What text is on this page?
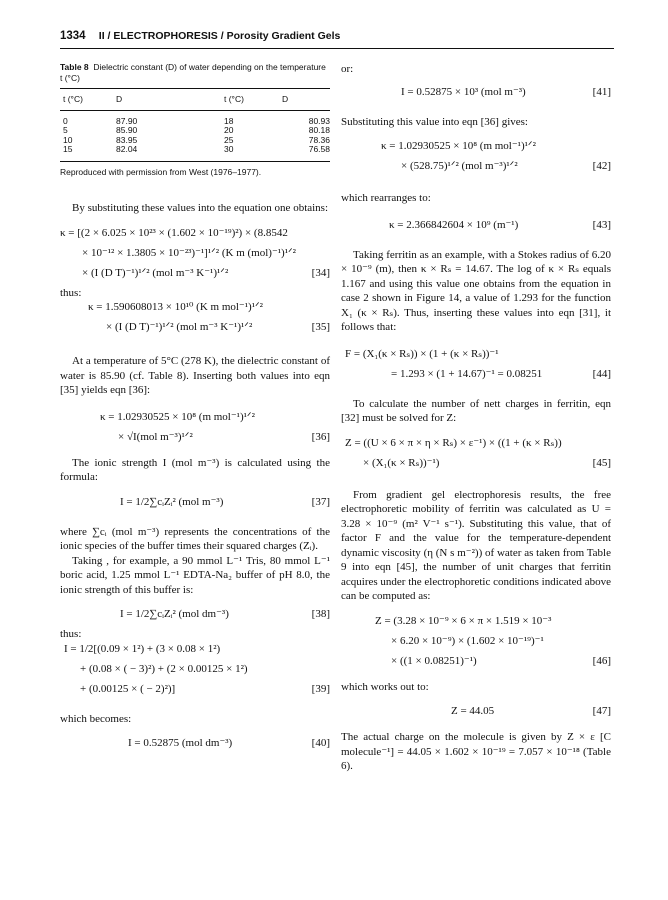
1334 II / ELECTROPHORESIS / Porosity Gradient Gels
Table 8 Dielectric constant (D) of water depending on the temperature t (°C)
t (°C)	D	t (°C)	D
0	87.90	18	80.93
5	85.90	20	80.18
10	83.95	25	78.36
15	82.04	30	76.58
Reproduced with permission from West (1976–1977).

By substituting these values into the equation one obtains:

κ = [(2 × 6.025 × 10²³ × (1.602 × 10⁻¹⁹)²) × (8.8542
× 10⁻¹² × 1.3805 × 10⁻²³)⁻¹]¹ᐟ² (K m (mol)⁻¹)¹ᐟ²
× (I (D T)⁻¹)¹ᐟ² (mol m⁻³ K⁻¹)¹ᐟ²	[34]

thus:

κ = 1.590608013 × 10¹⁰ (K m mol⁻¹)¹ᐟ²
× (I (D T)⁻¹)¹ᐟ² (mol m⁻³ K⁻¹)¹ᐟ²	[35]

At a temperature of 5°C (278 K), the dielectric constant of water is 85.90 (cf. Table 8). Inserting both values into eqn [35] yields eqn [36]:

κ = 1.02930525 × 10⁸ (m mol⁻¹)¹ᐟ²
× √I(mol m⁻³)¹ᐟ²	[36]

The ionic strength I (mol m⁻³) is calculated using the formula:

I = 1/2∑cᵢZᵢ² (mol m⁻³)	[37]

where ∑cᵢ (mol m⁻³) represents the concentrations of the ionic species of the buffer times their squared charges (Zᵢ).

Taking , for example, a 90 mmol L⁻¹ Tris, 80 mmol L⁻¹ boric acid, 1.25 mmol L⁻¹ EDTA-Na₂ buffer of pH 8.0, the ionic strength of this buffer is:

I = 1/2∑cᵢZᵢ² (mol dm⁻³)	[38]

thus:

I = 1/2[(0.09 × 1²) + (3 × 0.08 × 1²)
+ (0.08 × ( − 3)²) + (2 × 0.00125 × 1²)
+ (0.00125 × ( − 2)²)]	[39]

which becomes:

I = 0.52875 (mol dm⁻³)	[40]

or:

I = 0.52875 × 10³ (mol m⁻³)	[41]

Substituting this value into eqn [36] gives:

κ = 1.02930525 × 10⁸ (m mol⁻¹)¹ᐟ²
× (528.75)¹ᐟ² (mol m⁻³)¹ᐟ²	[42]

which rearranges to:

κ = 2.366842604 × 10⁹ (m⁻¹)	[43]

Taking ferritin as an example, with a Stokes radius of 6.20 × 10⁻⁹ (m), then κ × Rₛ = 14.67. The log of κ × Rₛ equals 1.167 and using this value one obtains from the equation in case 2 shown in Figure 14, a value of 1.293 for the function X₁ (κ × Rₛ). Thus, inserting these values into eqn [31], it follows that:

F = (X₁(κ × Rₛ)) × (1 + (κ × Rₛ))⁻¹
= 1.293 × (1 + 14.67)⁻¹ = 0.08251	[44]

To calculate the number of nett charges in ferritin, eqn [32] must be solved for Z:

Z = ((U × 6 × π × η × Rₛ) × ε⁻¹) × ((1 + (κ × Rₛ))
× (X₁(κ × Rₛ))⁻¹)	[45]

From gradient gel electrophoresis results, the free electrophoretic mobility of ferritin was calculated as U = 3.28 × 10⁻⁹ (m² V⁻¹ s⁻¹). Substituting this value, that of factor F and the value for the temperature-dependent dynamic viscosity (η (N s m⁻²)) of water as taken from Table 9 into eqn [45], the number of unit charges that ferritin acquires under the electrophoretic conditions indicated above can be computed as:

Z = (3.28 × 10⁻⁹ × 6 × π × 1.519 × 10⁻³
× 6.20 × 10⁻⁹) × (1.602 × 10⁻¹⁹)⁻¹
× ((1 × 0.08251)⁻¹)	[46]

which works out to:

Z = 44.05	[47]

The actual charge on the molecule is given by Z × ε [C molecule⁻¹] = 44.05 × 1.602 × 10⁻¹⁹ = 7.057 × 10⁻¹⁸ (Table 6).
